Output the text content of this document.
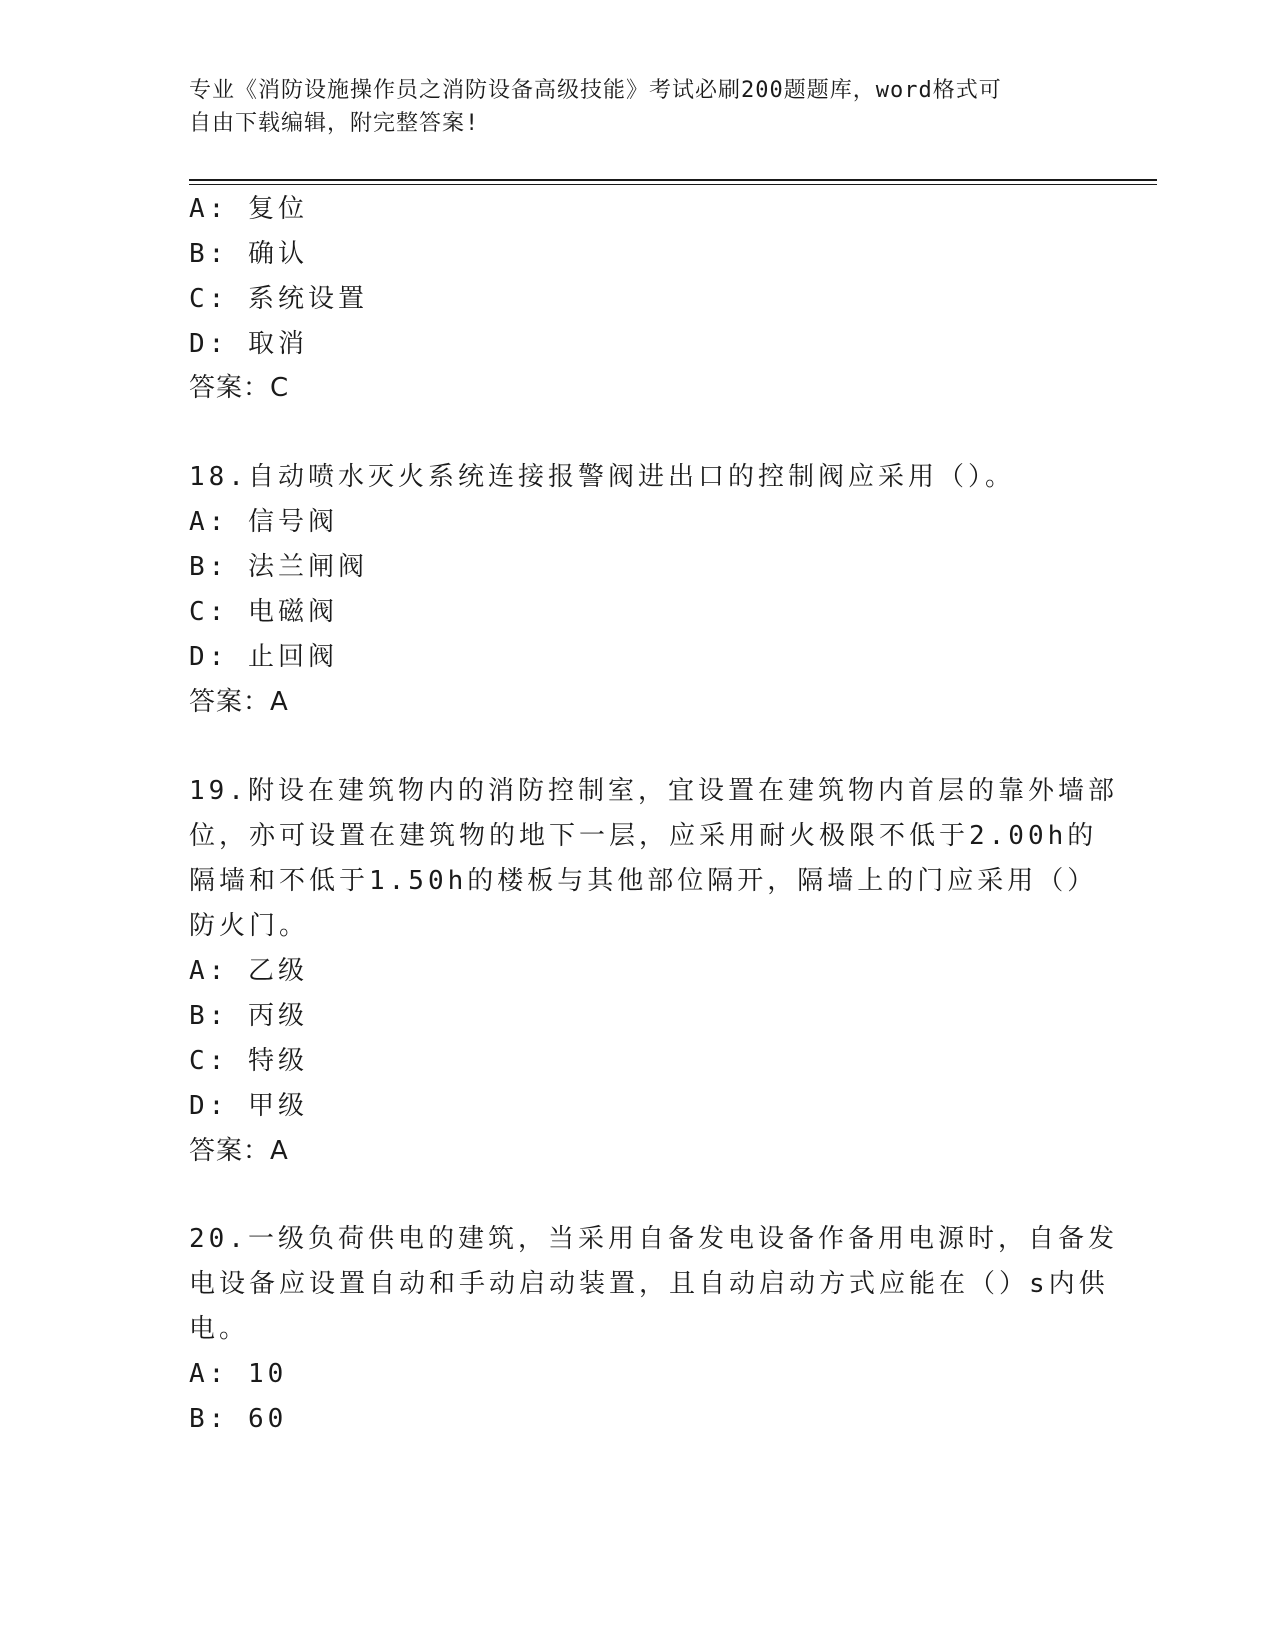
专业《消防设施操作员之消防设备高级技能》考试必刷200题题库，word格式可
自由下载编辑，附完整答案!
A: 复位
B: 确认
C: 系统设置
D: 取消
答案：C
18.自动喷水灭火系统连接报警阀进出口的控制阀应采用（）。
A: 信号阀
B: 法兰闸阀
C: 电磁阀
D: 止回阀
答案：A
19.附设在建筑物内的消防控制室，宜设置在建筑物内首层的靠外墙部
位，亦可设置在建筑物的地下一层，应采用耐火极限不低于2.00h的
隔墙和不低于1.50h的楼板与其他部位隔开，隔墙上的门应采用（）
防火门。
A: 乙级
B: 丙级
C: 特级
D: 甲级
答案：A
20.一级负荷供电的建筑，当采用自备发电设备作备用电源时，自备发
电设备应设置自动和手动启动装置，且自动启动方式应能在（）s内供
电。
A: 10
B: 60
